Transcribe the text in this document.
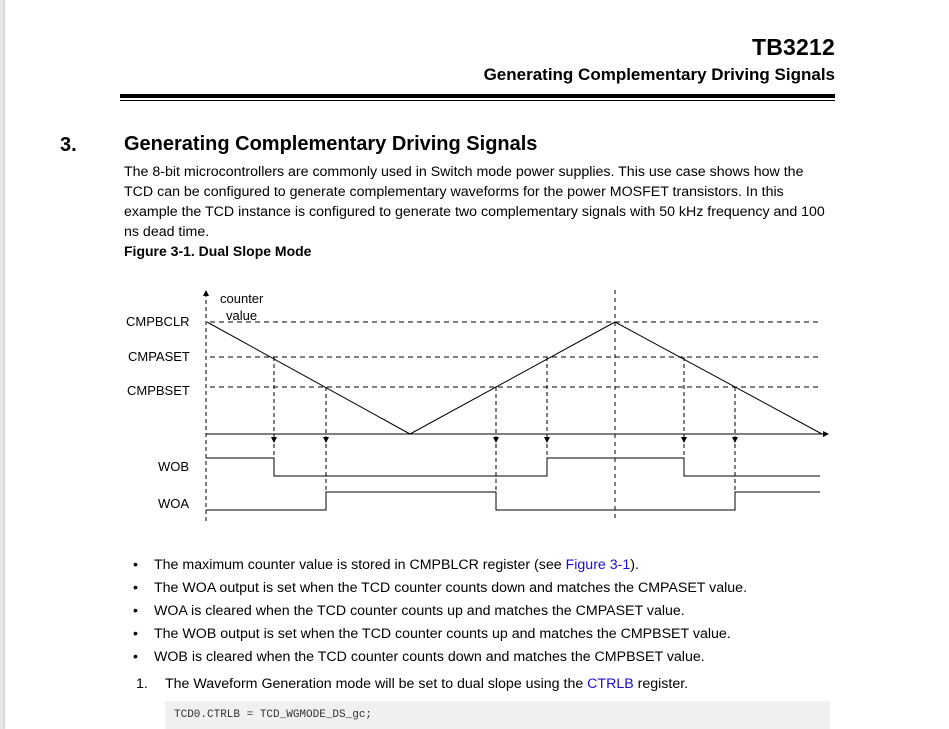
TB3212
Generating Complementary Driving Signals
3. Generating Complementary Driving Signals
The 8-bit microcontrollers are commonly used in Switch mode power supplies. This use case shows how the TCD can be configured to generate complementary waveforms for the power MOSFET transistors. In this example the TCD instance is configured to generate two complementary signals with 50 kHz frequency and 100 ns dead time.
Figure 3-1. Dual Slope Mode
counter
value
CMPBCLR
CMPASET
CMPBSET
WOB
WOA
• The maximum counter value is stored in CMPBLCR register (see Figure 3-1).
• The WOA output is set when the TCD counter counts down and matches the CMPASET value.
• WOA is cleared when the TCD counter counts up and matches the CMPASET value.
• The WOB output is set when the TCD counter counts up and matches the CMPBSET value.
• WOB is cleared when the TCD counter counts down and matches the CMPBSET value.
1. The Waveform Generation mode will be set to dual slope using the CTRLB register.
TCD0.CTRLB = TCD_WGMODE_DS_gc;
